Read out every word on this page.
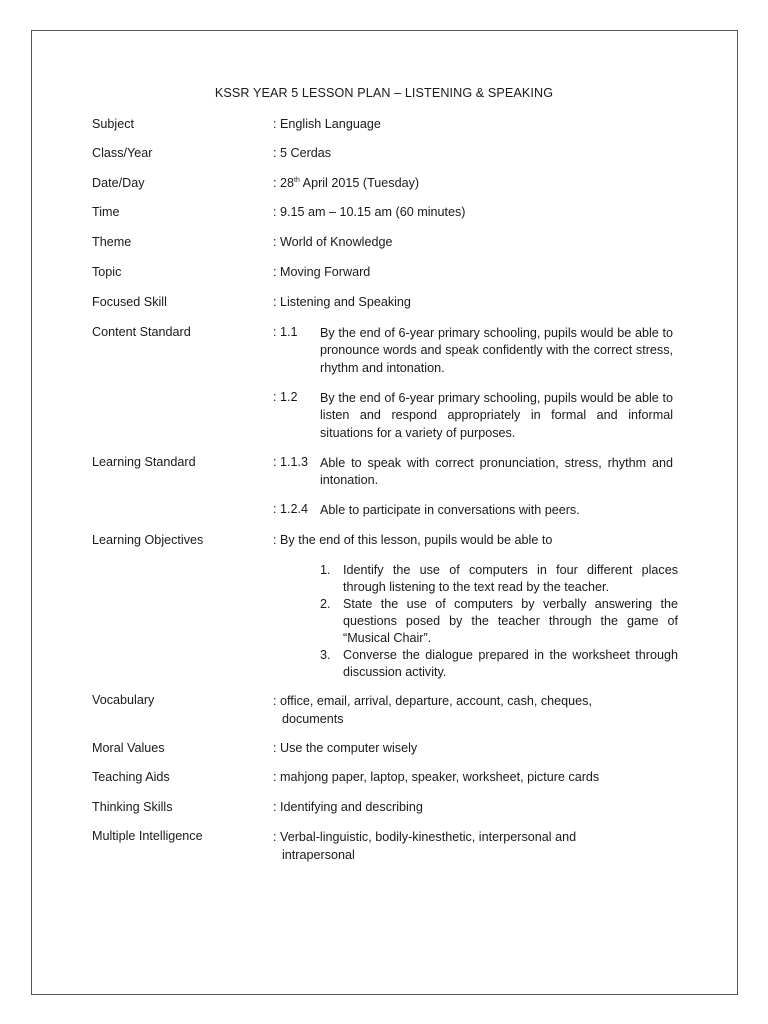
KSSR YEAR 5 LESSON PLAN – LISTENING & SPEAKING
Subject	: English Language
Class/Year	: 5 Cerdas
Date/Day	: 28th April 2015 (Tuesday)
Time	: 9.15 am – 10.15 am (60 minutes)
Theme	: World of Knowledge
Topic	: Moving Forward
Focused Skill	: Listening and Speaking
Content Standard	: 1.1 By the end of 6-year primary schooling, pupils would be able to pronounce words and speak confidently with the correct stress, rhythm and intonation.
: 1.2 By the end of 6-year primary schooling, pupils would be able to listen and respond appropriately in formal and informal situations for a variety of purposes.
Learning Standard	: 1.1.3 Able to speak with correct pronunciation, stress, rhythm and intonation.
: 1.2.4 Able to participate in conversations with peers.
Learning Objectives	: By the end of this lesson, pupils would be able to
1. Identify the use of computers in four different places through listening to the text read by the teacher.
2. State the use of computers by verbally answering the questions posed by the teacher through the game of “Musical Chair”.
3. Converse the dialogue prepared in the worksheet through discussion activity.
Vocabulary	: office, email, arrival, departure, account, cash, cheques,
documents
Moral Values	: Use the computer wisely
Teaching Aids	: mahjong paper, laptop, speaker, worksheet, picture cards
Thinking Skills	: Identifying and describing
Multiple Intelligence	: Verbal-linguistic, bodily-kinesthetic, interpersonal and
intrapersonal
